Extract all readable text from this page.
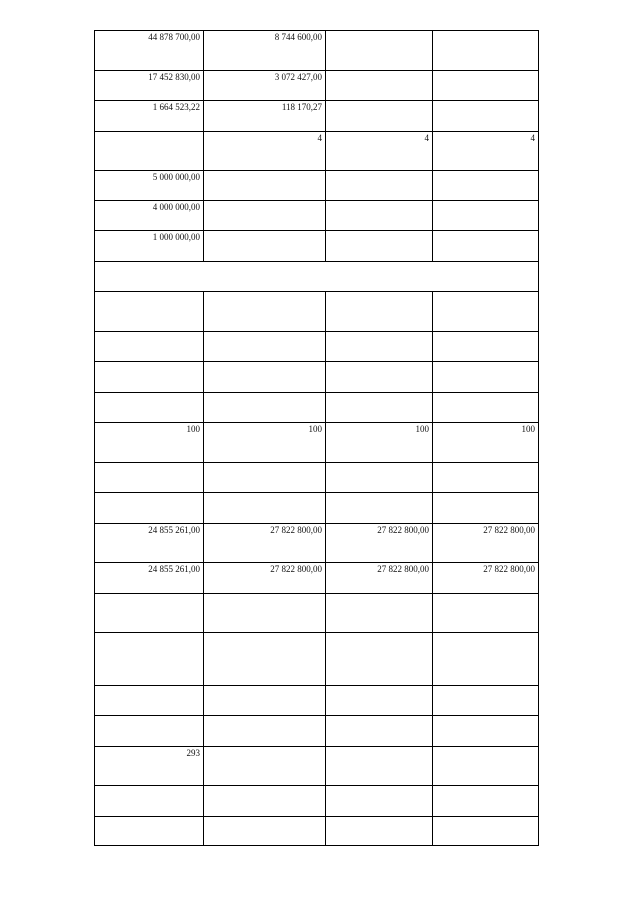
44 878 700,00	8 744 600,00		
17 452 830,00	3 072 427,00		
1 664 523,22	118 170,27		
	4	4	4
5 000 000,00			
4 000 000,00			
1 000 000,00			

100	100	100	100

24 855 261,00	27 822 800,00	27 822 800,00	27 822 800,00
24 855 261,00	27 822 800,00	27 822 800,00	27 822 800,00

293			
